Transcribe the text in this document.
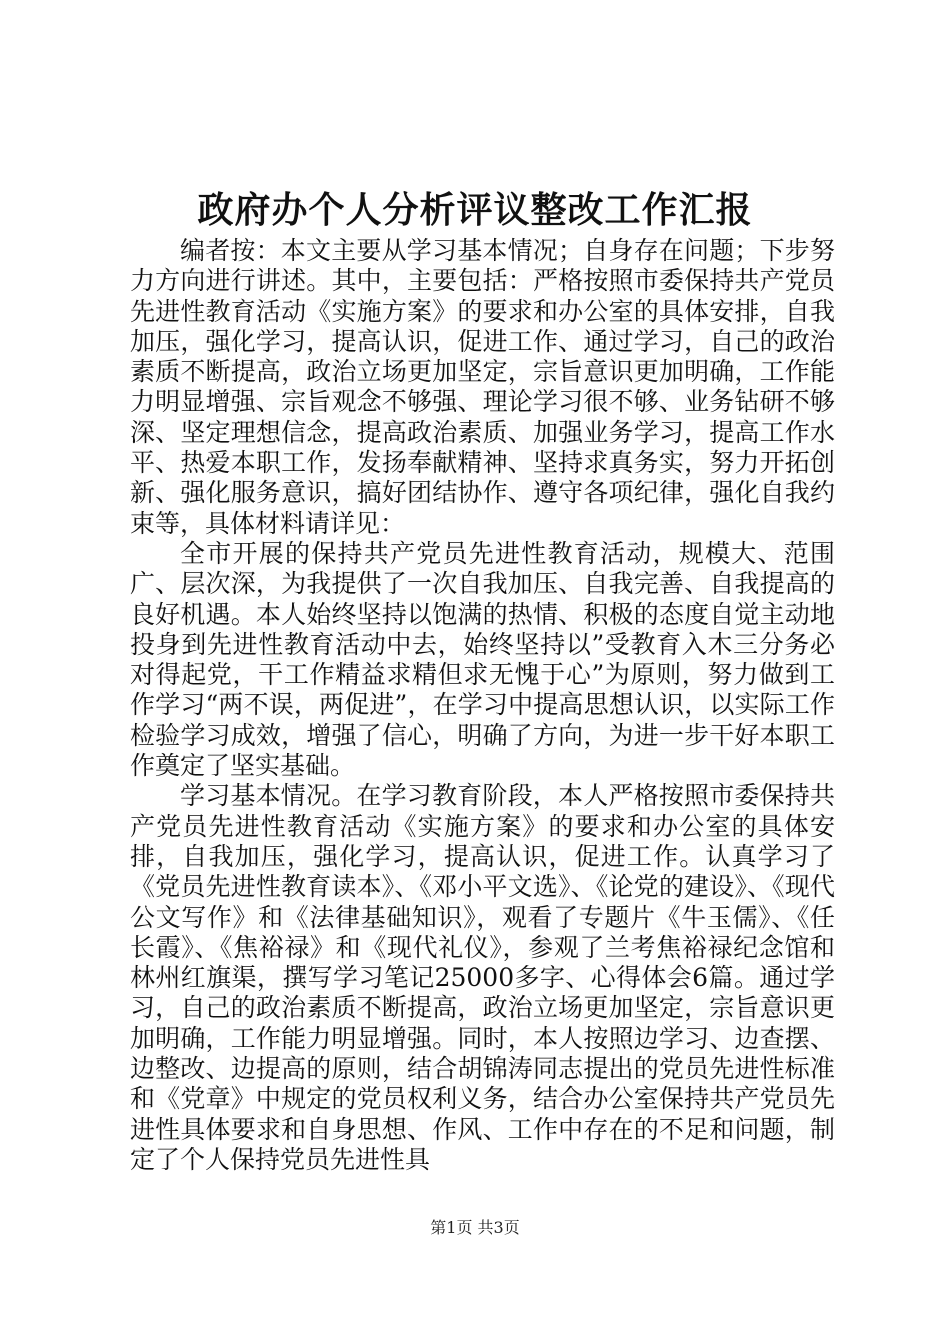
政府办个人分析评议整改工作汇报

编者按：本文主要从学习基本情况；自身存在问题；下步努力方向进行讲述。其中，主要包括：严格按照市委保持共产党员先进性教育活动《实施方案》的要求和办公室的具体安排，自我加压，强化学习，提高认识，促进工作、通过学习，自己的政治素质不断提高，政治立场更加坚定，宗旨意识更加明确，工作能力明显增强、宗旨观念不够强、理论学习很不够、业务钻研不够深、坚定理想信念，提高政治素质、加强业务学习，提高工作水平、热爱本职工作，发扬奉献精神、坚持求真务实，努力开拓创新、强化服务意识，搞好团结协作、遵守各项纪律，强化自我约束等，具体材料请详见：

全市开展的保持共产党员先进性教育活动，规模大、范围广、层次深，为我提供了一次自我加压、自我完善、自我提高的良好机遇。本人始终坚持以饱满的热情、积极的态度自觉主动地投身到先进性教育活动中去，始终坚持以”受教育入木三分务必对得起党，干工作精益求精但求无愧于心”为原则，努力做到工作学习“两不误，两促进”，在学习中提高思想认识，以实际工作检验学习成效，增强了信心，明确了方向，为进一步干好本职工作奠定了坚实基础。

学习基本情况。在学习教育阶段，本人严格按照市委保持共产党员先进性教育活动《实施方案》的要求和办公室的具体安排，自我加压，强化学习，提高认识，促进工作。认真学习了《党员先进性教育读本》、《邓小平文选》、《论党的建设》、《现代公文写作》和《法律基础知识》，观看了专题片《牛玉儒》、《任长霞》、《焦裕禄》和《现代礼仪》，参观了兰考焦裕禄纪念馆和林州红旗渠，撰写学习笔记25000多字、心得体会6篇。通过学习，自己的政治素质不断提高，政治立场更加坚定，宗旨意识更加明确，工作能力明显增强。同时，本人按照边学习、边查摆、边整改、边提高的原则，结合胡锦涛同志提出的党员先进性标准和《党章》中规定的党员权利义务，结合办公室保持共产党员先进性具体要求和自身思想、作风、工作中存在的不足和问题，制定了个人保持党员先进性具

第1页 共3页
